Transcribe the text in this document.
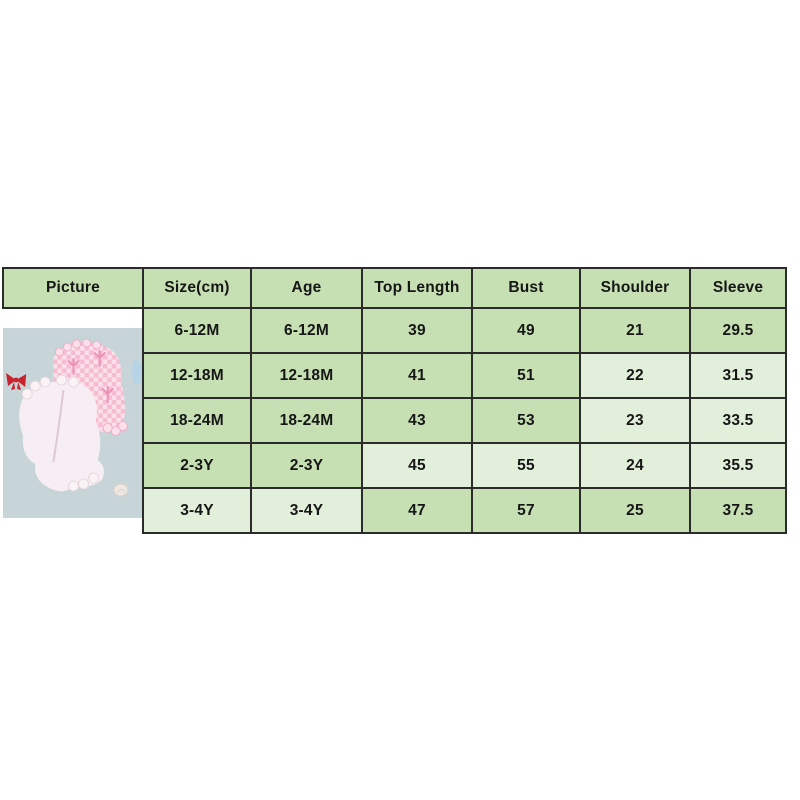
Picture	Size(cm)	Age	Top Length	Bust	Shoulder	Sleeve

	6-12M	6-12M	39	49	21	29.5
	12-18M	12-18M	41	51	22	31.5
	18-24M	18-24M	43	53	23	33.5
	2-3Y	2-3Y	45	55	24	35.5
	3-4Y	3-4Y	47	57	25	37.5
